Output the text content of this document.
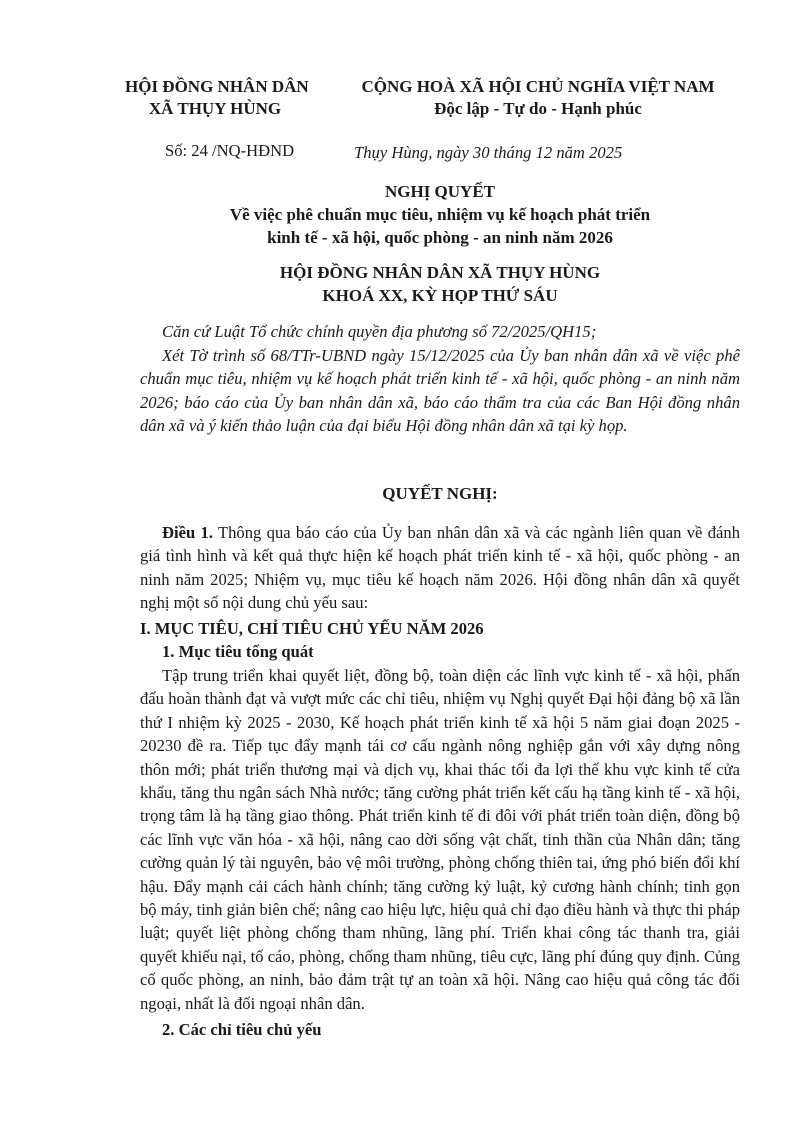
HỘI ĐỒNG NHÂN DÂN
XÃ THỤY HÙNG
CỘNG HOÀ XÃ HỘI CHỦ NGHĨA VIỆT NAM
Độc lập - Tự do - Hạnh phúc
Số: 24 /NQ-HĐND	Thụy Hùng, ngày 30 tháng 12 năm 2025
NGHỊ QUYẾT
Về việc phê chuẩn mục tiêu, nhiệm vụ kế hoạch phát triển
kinh tế - xã hội, quốc phòng - an ninh năm 2026
HỘI ĐỒNG NHÂN DÂN XÃ THỤY HÙNG
KHOÁ XX, KỲ HỌP THỨ SÁU

Căn cứ Luật Tổ chức chính quyền địa phương số 72/2025/QH15;

Xét Tờ trình số 68/TTr-UBND ngày 15/12/2025 của Ủy ban nhân dân xã về việc phê chuẩn mục tiêu, nhiệm vụ kế hoạch phát triển kinh tế - xã hội, quốc phòng - an ninh năm 2026; báo cáo của Ủy ban nhân dân xã, báo cáo thẩm tra của các Ban Hội đồng nhân dân xã và ý kiến thảo luận của đại biểu Hội đồng nhân dân xã tại kỳ họp.

QUYẾT NGHỊ:

Điều 1. Thông qua báo cáo của Ủy ban nhân dân xã và các ngành liên quan về đánh giá tình hình và kết quả thực hiện kế hoạch phát triển kinh tế - xã hội, quốc phòng - an ninh năm 2025; Nhiệm vụ, mục tiêu kế hoạch năm 2026. Hội đồng nhân dân xã quyết nghị một số nội dung chủ yếu sau:

I. MỤC TIÊU, CHỈ TIÊU CHỦ YẾU NĂM 2026
1. Mục tiêu tổng quát

Tập trung triển khai quyết liệt, đồng bộ, toàn diện các lĩnh vực kinh tế - xã hội, phấn đấu hoàn thành đạt và vượt mức các chỉ tiêu, nhiệm vụ Nghị quyết Đại hội đảng bộ xã lần thứ I nhiệm kỳ 2025 - 2030, Kế hoạch phát triển kinh tế xã hội 5 năm giai đoạn 2025 - 20230 đề ra. Tiếp tục đẩy mạnh tái cơ cấu ngành nông nghiệp gắn với xây dựng nông thôn mới; phát triển thương mại và dịch vụ, khai thác tối đa lợi thế khu vực kinh tế cửa khẩu, tăng thu ngân sách Nhà nước; tăng cường phát triển kết cấu hạ tầng kinh tế - xã hội, trọng tâm là hạ tầng giao thông. Phát triển kinh tế đi đôi với phát triển toàn diện, đồng bộ các lĩnh vực văn hóa - xã hội, nâng cao dời sống vật chất, tinh thần của Nhân dân; tăng cường quản lý tài nguyên, bảo vệ môi trường, phòng chống thiên tai, ứng phó biến đổi khí hậu. Đẩy mạnh cải cách hành chính; tăng cường kỷ luật, kỷ cương hành chính; tinh gọn bộ máy, tinh giản biên chế; nâng cao hiệu lực, hiệu quả chỉ đạo điều hành và thực thi pháp luật; quyết liệt phòng chống tham nhũng, lãng phí. Triển khai công tác thanh tra, giải quyết khiếu nại, tố cáo, phòng, chống tham nhũng, tiêu cực, lãng phí đúng quy định. Củng cố quốc phòng, an ninh, bảo đảm trật tự an toàn xã hội. Nâng cao hiệu quả công tác đối ngoại, nhất là đối ngoại nhân dân.

2. Các chỉ tiêu chủ yếu
